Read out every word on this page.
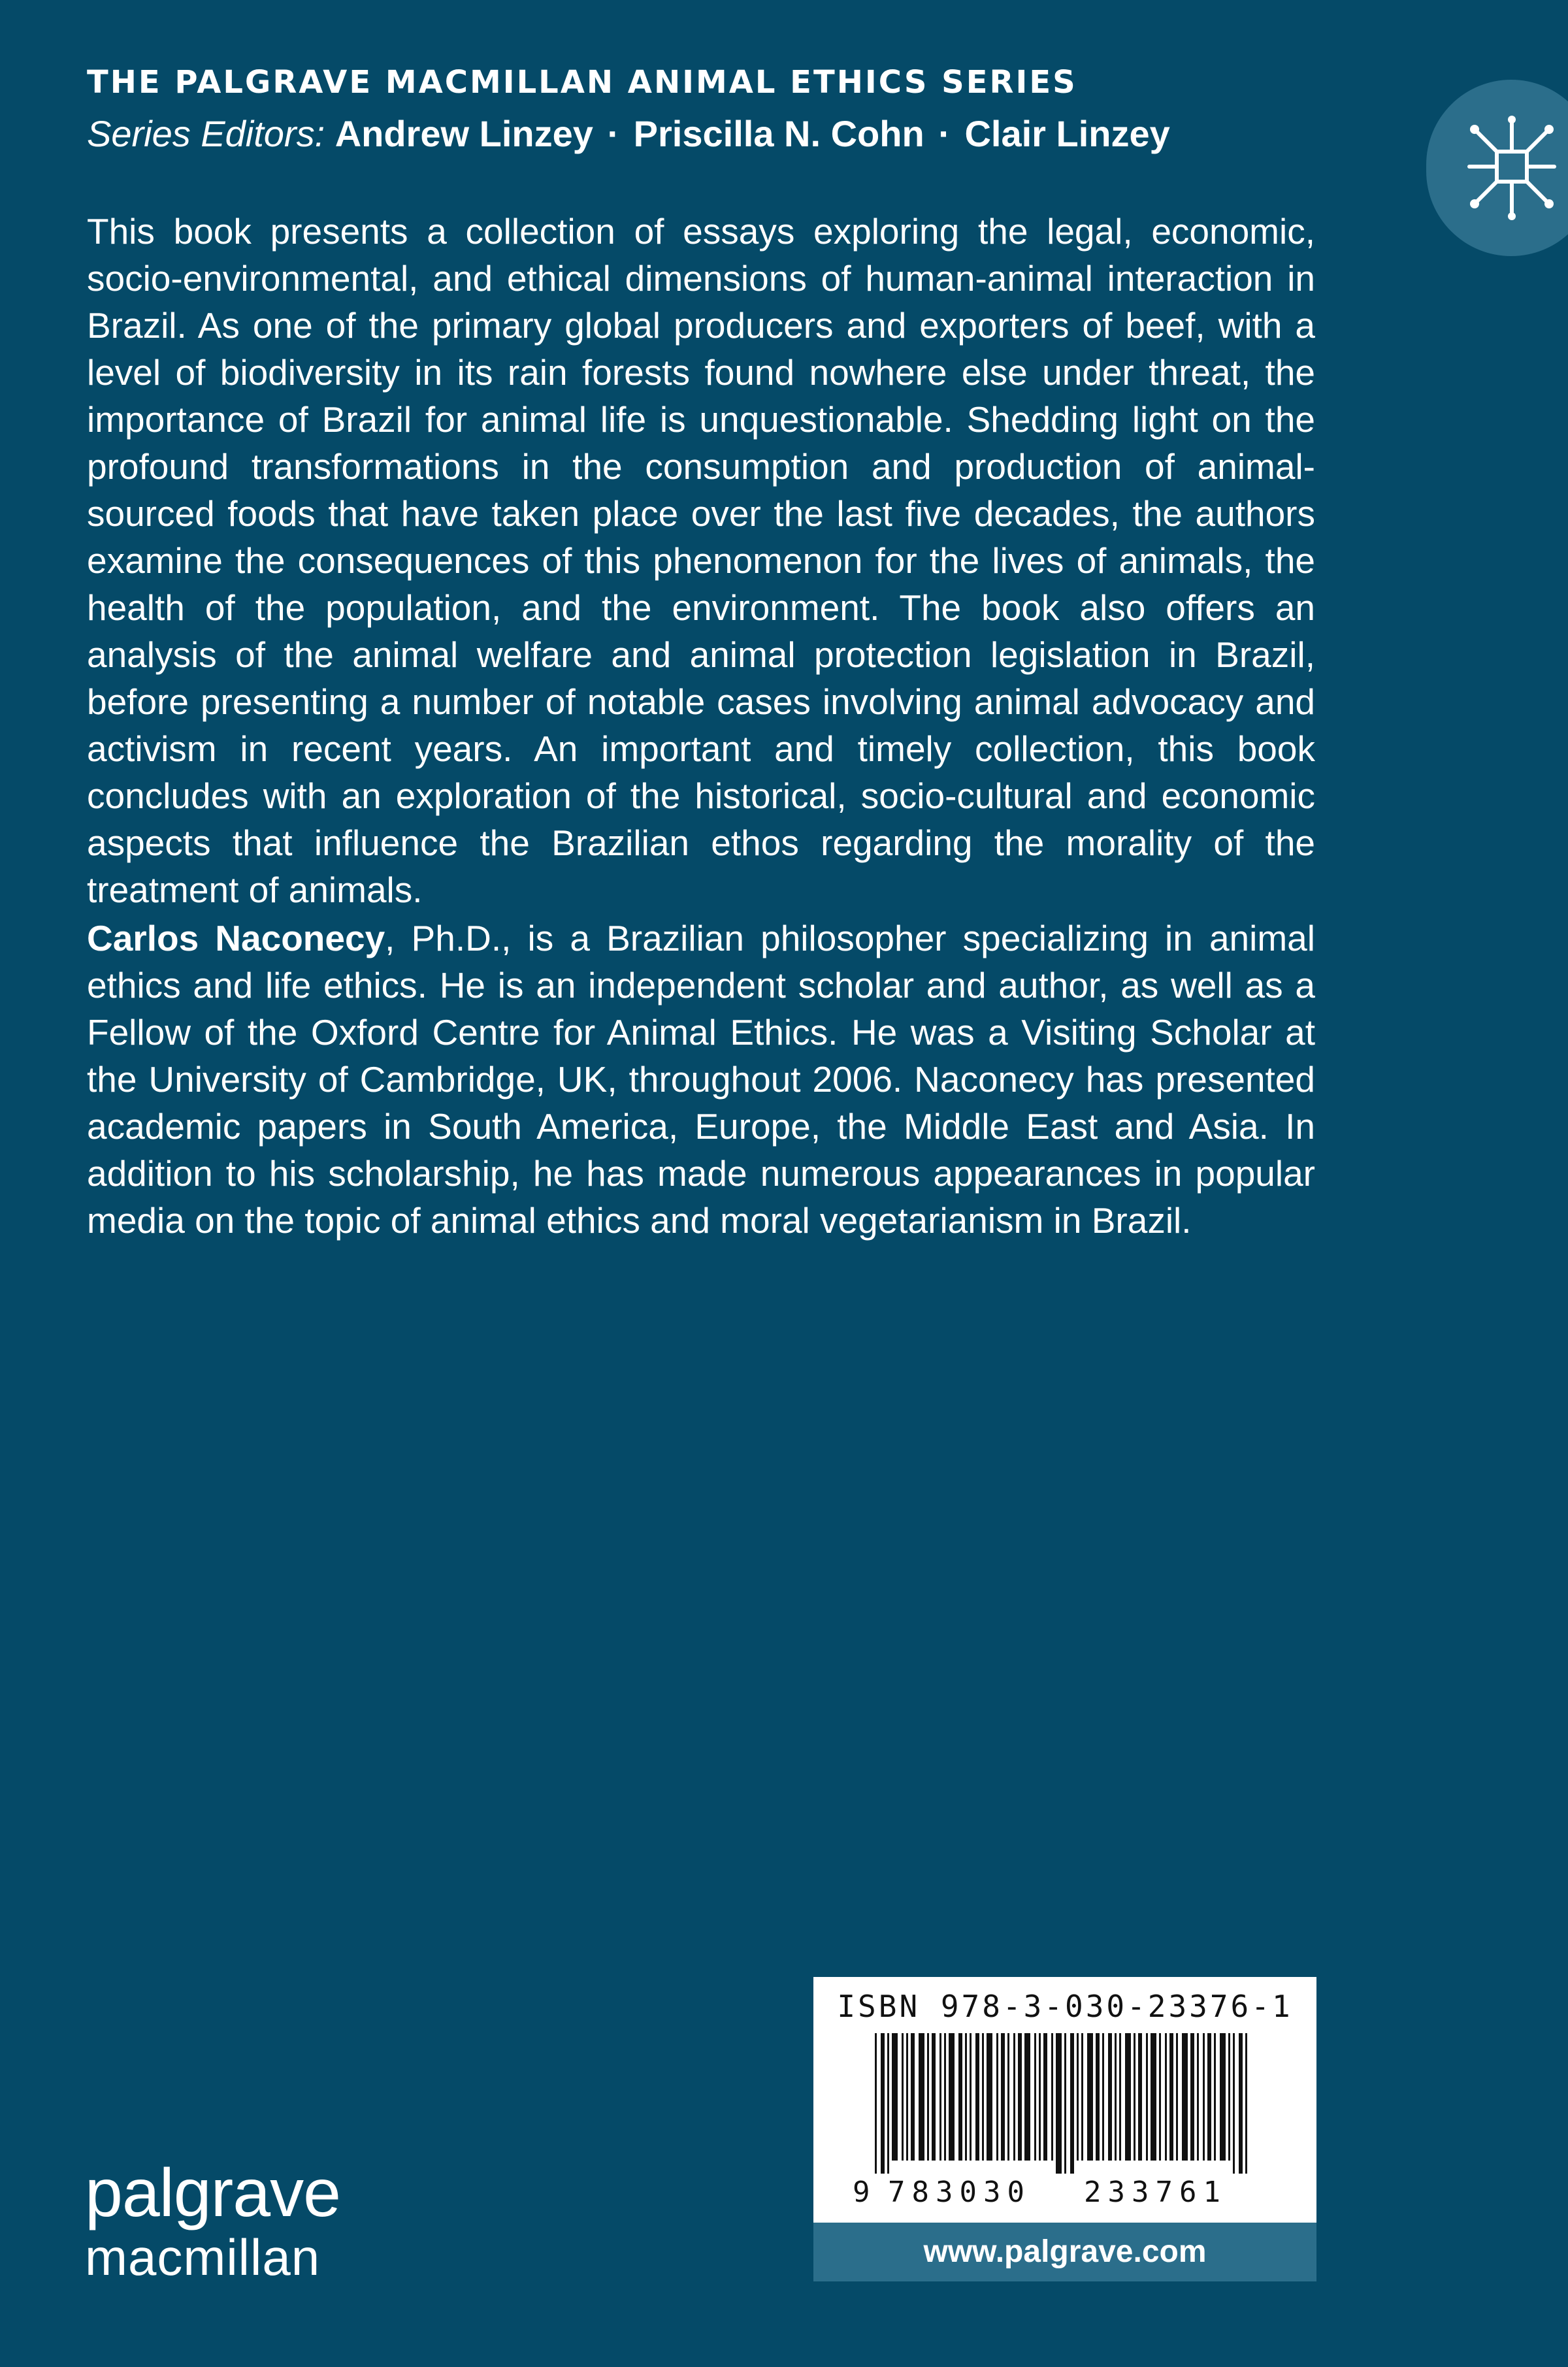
THE PALGRAVE MACMILLAN ANIMAL ETHICS SERIES
Series Editors: Andrew Linzey · Priscilla N. Cohn · Clair Linzey

This book presents a collection of essays exploring the legal, economic, socio-environmental, and ethical dimensions of human-animal interaction in Brazil. As one of the primary global producers and exporters of beef, with a level of biodiversity in its rain forests found nowhere else under threat, the importance of Brazil for animal life is unquestionable. Shedding light on the profound transformations in the consumption and production of animal-sourced foods that have taken place over the last five decades, the authors examine the consequences of this phenomenon for the lives of animals, the health of the population, and the environment. The book also offers an analysis of the animal welfare and animal protection legislation in Brazil, before presenting a number of notable cases involving animal advocacy and activism in recent years. An important and timely collection, this book concludes with an exploration of the historical, socio-cultural and economic aspects that influence the Brazilian ethos regarding the morality of the treatment of animals.

Carlos Naconecy, Ph.D., is a Brazilian philosopher specializing in animal ethics and life ethics. He is an independent scholar and author, as well as a Fellow of the Oxford Centre for Animal Ethics. He was a Visiting Scholar at the University of Cambridge, UK, throughout 2006. Naconecy has presented academic papers in South America, Europe, the Middle East and Asia. In addition to his scholarship, he has made numerous appearances in popular media on the topic of animal ethics and moral vegetarianism in Brazil.

ISBN 978-3-030-23376-1
9 783030 233761
www.palgrave.com
palgrave
macmillan
